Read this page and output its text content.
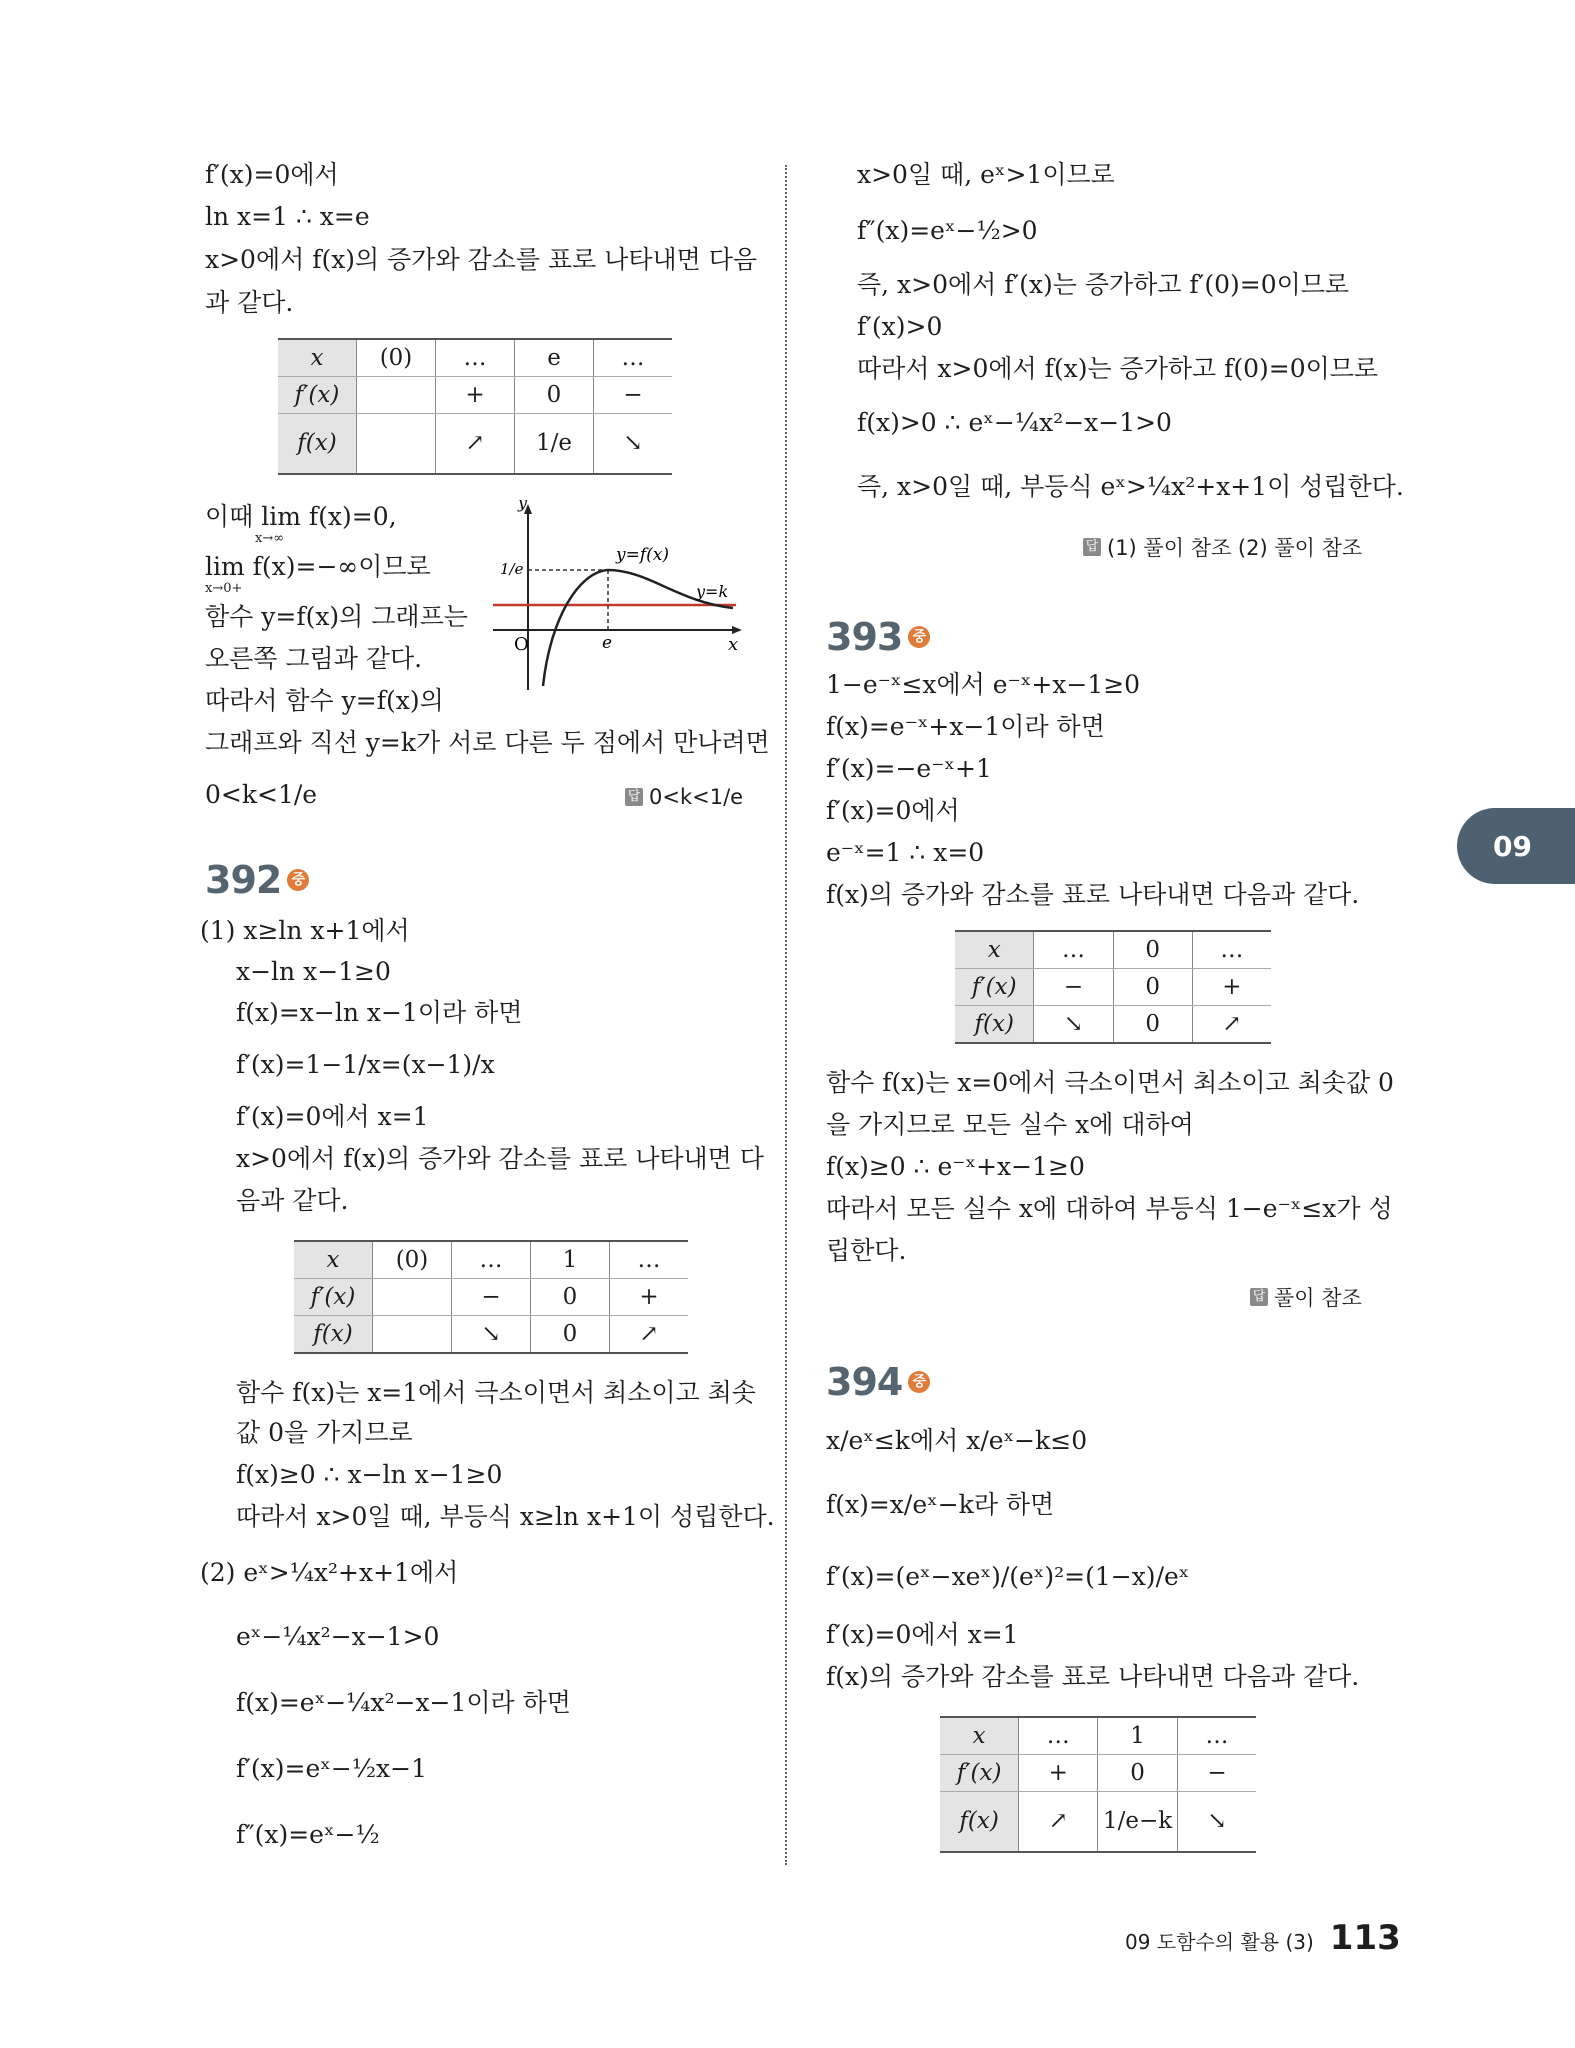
f′(x)=0에서
ln x=1 ∴ x=e
x>0에서 f(x)의 증가와 감소를 표로 나타내면 다음
과 같다.
x	(0)	…	e	…
f′(x)		+	0	−
f(x)		↗	1/e	↘
이때 lim f(x)=0,
x→∞
lim f(x)=−∞이므로
x→0+
함수 y=f(x)의 그래프는
오른쪽 그림과 같다.
따라서 함수 y=f(x)의
그래프와 직선 y=k가 서로 다른 두 점에서 만나려면
0<k<1/e	답 0<k<1/e
y
x
O	e
1/e
y=f(x)
y=k
392 중
(1) x≥ln x+1에서
x−ln x−1≥0
f(x)=x−ln x−1이라 하면
f′(x)=1−1/x=(x−1)/x
f′(x)=0에서 x=1
x>0에서 f(x)의 증가와 감소를 표로 나타내면 다
음과 같다.
x	(0)	…	1	…
f′(x)		−	0	+
f(x)		↘	0	↗
함수 f(x)는 x=1에서 극소이면서 최소이고 최솟
값 0을 가지므로
f(x)≥0 ∴ x−ln x−1≥0
따라서 x>0일 때, 부등식 x≥ln x+1이 성립한다.
(2) eˣ>¼x²+x+1에서
eˣ−¼x²−x−1>0
f(x)=eˣ−¼x²−x−1이라 하면
f′(x)=eˣ−½x−1
f″(x)=eˣ−½
x>0일 때, eˣ>1이므로
f″(x)=eˣ−½>0
즉, x>0에서 f′(x)는 증가하고 f′(0)=0이므로
f′(x)>0
따라서 x>0에서 f(x)는 증가하고 f(0)=0이므로
f(x)>0 ∴ eˣ−¼x²−x−1>0
즉, x>0일 때, 부등식 eˣ>¼x²+x+1이 성립한다.
답 (1) 풀이 참조 (2) 풀이 참조
393 중
1−e⁻ˣ≤x에서 e⁻ˣ+x−1≥0
f(x)=e⁻ˣ+x−1이라 하면
f′(x)=−e⁻ˣ+1
f′(x)=0에서
e⁻ˣ=1 ∴ x=0
f(x)의 증가와 감소를 표로 나타내면 다음과 같다.
x	…	0	…
f′(x)	−	0	+
f(x)	↘	0	↗
함수 f(x)는 x=0에서 극소이면서 최소이고 최솟값 0
을 가지므로 모든 실수 x에 대하여
f(x)≥0 ∴ e⁻ˣ+x−1≥0
따라서 모든 실수 x에 대하여 부등식 1−e⁻ˣ≤x가 성
립한다.
답 풀이 참조
394 중
x/eˣ≤k에서 x/eˣ−k≤0
f(x)=x/eˣ−k라 하면
f′(x)=(eˣ−xeˣ)/(eˣ)²=(1−x)/eˣ
f′(x)=0에서 x=1
f(x)의 증가와 감소를 표로 나타내면 다음과 같다.
x	…	1	…
f′(x)	+	0	−
f(x)	↗	1/e−k	↘
09
09 도함수의 활용 (3) 113
